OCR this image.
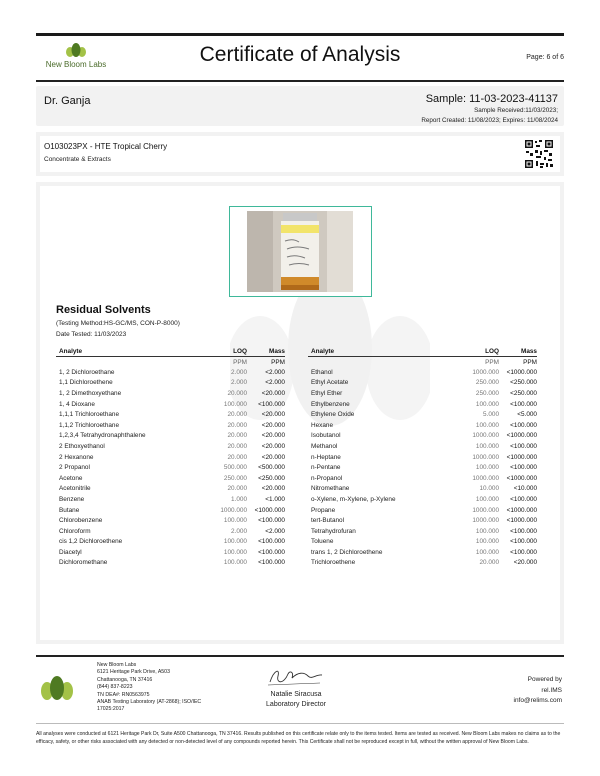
New Bloom Labs	Certificate of Analysis	Page: 6 of 6
Dr. Ganja	Sample: 11-03-2023-41137
Sample Received:11/03/2023;
Report Created: 11/08/2023; Expires: 11/08/2024
O103023PX - HTE Tropical Cherry
Concentrate & Extracts
Residual Solvents
(Testing Method:HS-GC/MS, CON-P-8000)
Date Tested: 11/03/2023
Analyte	LOQ	Mass
	PPM	PPM
1, 2 Dichloroethane	2.000	<2.000
1,1 Dichloroethene	2.000	<2.000
1, 2 Dimethoxyethane	20.000	<20.000
1, 4 Dioxane	100.000	<100.000
1,1,1 Trichloroethane	20.000	<20.000
1,1,2 Trichloroethane	20.000	<20.000
1,2,3,4 Tetrahydronaphthalene	20.000	<20.000
2 Ethoxyethanol	20.000	<20.000
2 Hexanone	20.000	<20.000
2 Propanol	500.000	<500.000
Acetone	250.000	<250.000
Acetonitrile	20.000	<20.000
Benzene	1.000	<1.000
Butane	1000.000	<1000.000
Chlorobenzene	100.000	<100.000
Chloroform	2.000	<2.000
cis 1,2 Dichloroethene	100.000	<100.000
Diacetyl	100.000	<100.000
Dichloromethane	100.000	<100.000
Analyte	LOQ	Mass
	PPM	PPM
Ethanol	1000.000	<1000.000
Ethyl Acetate	250.000	<250.000
Ethyl Ether	250.000	<250.000
Ethylbenzene	100.000	<100.000
Ethylene Oxide	5.000	<5.000
Hexane	100.000	<100.000
Isobutanol	1000.000	<1000.000
Methanol	100.000	<100.000
n-Heptane	1000.000	<1000.000
n-Pentane	100.000	<100.000
n-Propanol	1000.000	<1000.000
Nitromethane	10.000	<10.000
o-Xylene, m-Xylene, p-Xylene	100.000	<100.000
Propane	1000.000	<1000.000
tert-Butanol	1000.000	<1000.000
Tetrahydrofuran	100.000	<100.000
Toluene	100.000	<100.000
trans 1, 2 Dichloroethene	100.000	<100.000
Trichloroethene	20.000	<20.000
New Bloom Labs
6121 Heritage Park Drive, A503
Chattanooga, TN 37416
(844) 837-8223
TN DEA#: RN0563975
ANAB Testing Laboratory (AT-2868); ISO/IEC
17025:2017
Natalie Siracusa
Laboratory Director
Powered by
rel.IMS
info@relims.com
All analyses were conducted at 6121 Heritage Park Dr, Suite A500 Chattanooga, TN 37416. Results published on this certificate relate only to the items tested. Items are tested as received. New Bloom Labs makes no claims as to the efficacy, safety, or other risks associated with any detected or non-detected level of any compounds reported herein. This Certificate shall not be reproduced except in full, without the written approval of New Bloom Labs.
